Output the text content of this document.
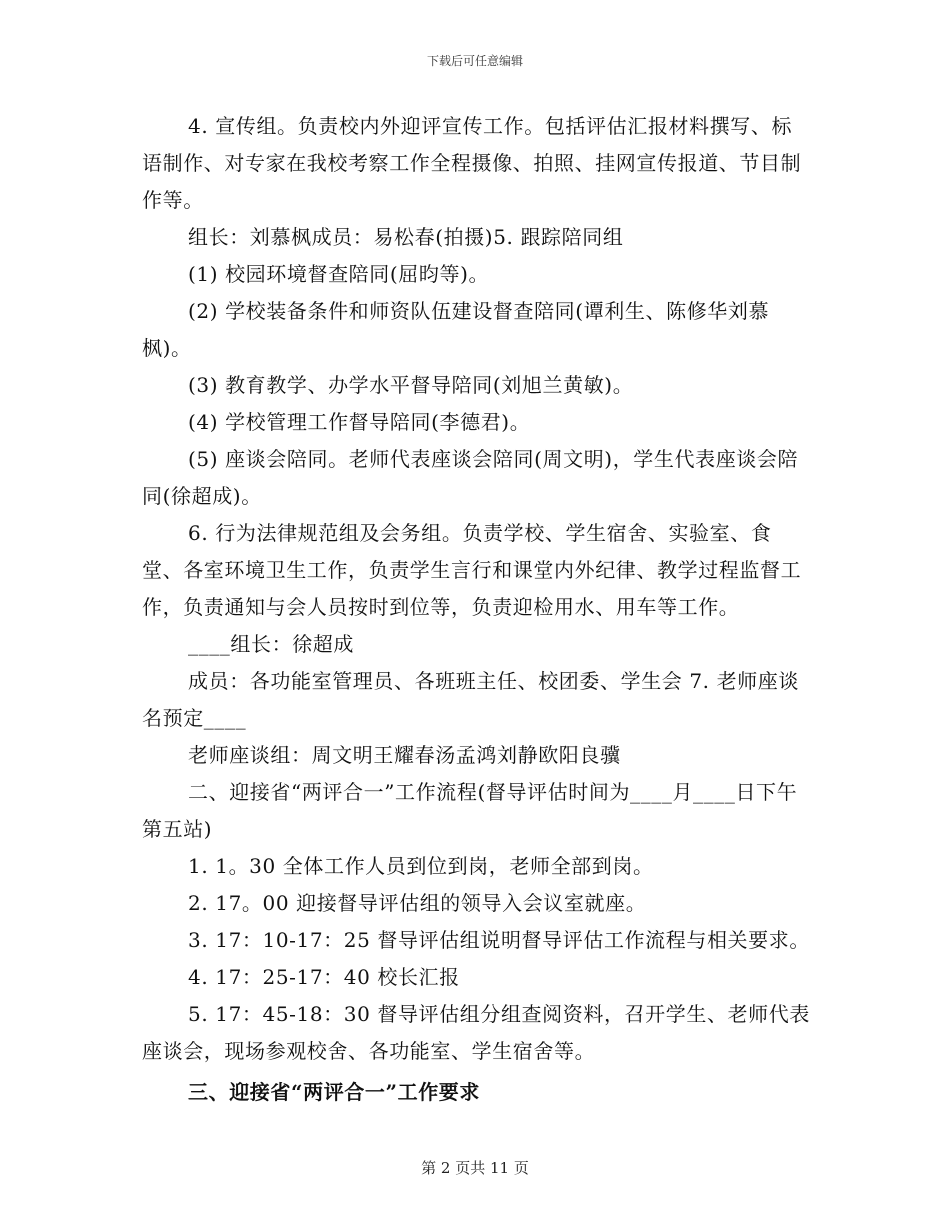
下载后可任意编辑

4. 宣传组。负责校内外迎评宣传工作。包括评估汇报材料撰写、标语制作、对专家在我校考察工作全程摄像、拍照、挂网宣传报道、节目制作等。

组长：刘慕枫成员：易松春(拍摄)5. 跟踪陪同组

(1) 校园环境督查陪同(屈昀等)。

(2) 学校装备条件和师资队伍建设督查陪同(谭利生、陈修华刘慕枫)。

(3) 教育教学、办学水平督导陪同(刘旭兰黄敏)。

(4) 学校管理工作督导陪同(李德君)。

(5) 座谈会陪同。老师代表座谈会陪同(周文明)，学生代表座谈会陪同(徐超成)。

6. 行为法律规范组及会务组。负责学校、学生宿舍、实验室、食堂、各室环境卫生工作，负责学生言行和课堂内外纪律、教学过程监督工作，负责通知与会人员按时到位等，负责迎检用水、用车等工作。

____组长：徐超成

成员：各功能室管理员、各班班主任、校团委、学生会 7. 老师座谈名预定____

老师座谈组：周文明王耀春汤孟鸿刘静欧阳良骥

二、迎接省“两评合一”工作流程(督导评估时间为____月____日下午第五站)

1. 1。30 全体工作人员到位到岗，老师全部到岗。

2. 17。00 迎接督导评估组的领导入会议室就座。

3. 17：10-17：25 督导评估组说明督导评估工作流程与相关要求。

4. 17：25-17：40 校长汇报

5. 17：45-18：30 督导评估组分组查阅资料，召开学生、老师代表座谈会，现场参观校舍、各功能室、学生宿舍等。

三、迎接省“两评合一”工作要求

第 2 页共 11 页
